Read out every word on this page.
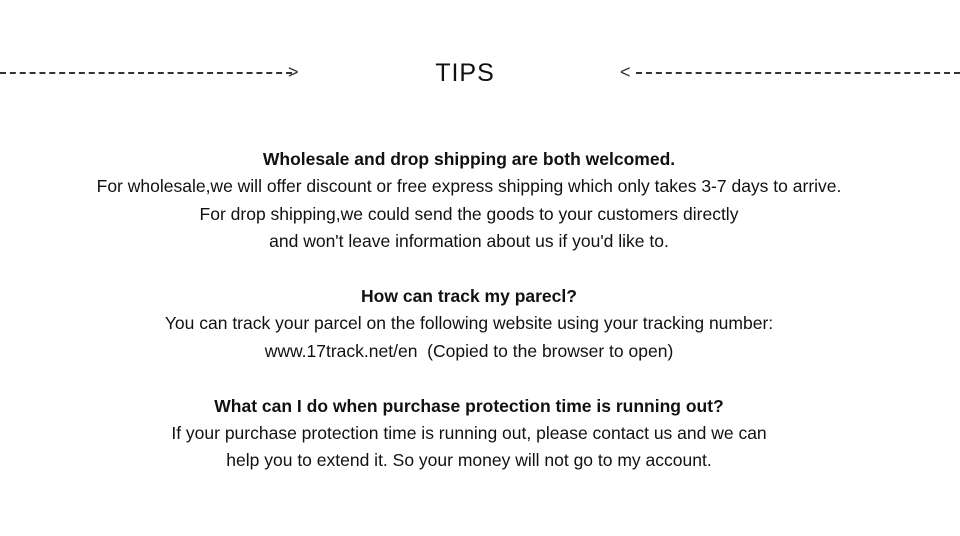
>	TIPS	<
Wholesale and drop shipping are both welcomed.
For wholesale,we will offer discount or free express shipping which only takes 3-7 days to arrive.
For drop shipping,we could send the goods to your customers directly
and won't leave information about us if you'd like to.
How can track my parecl?
You can track your parcel on the following website using your tracking number:
www.17track.net/en  (Copied to the browser to open)
What can I do when purchase protection time is running out?
If your purchase protection time is running out, please contact us and we can
help you to extend it. So your money will not go to my account.
